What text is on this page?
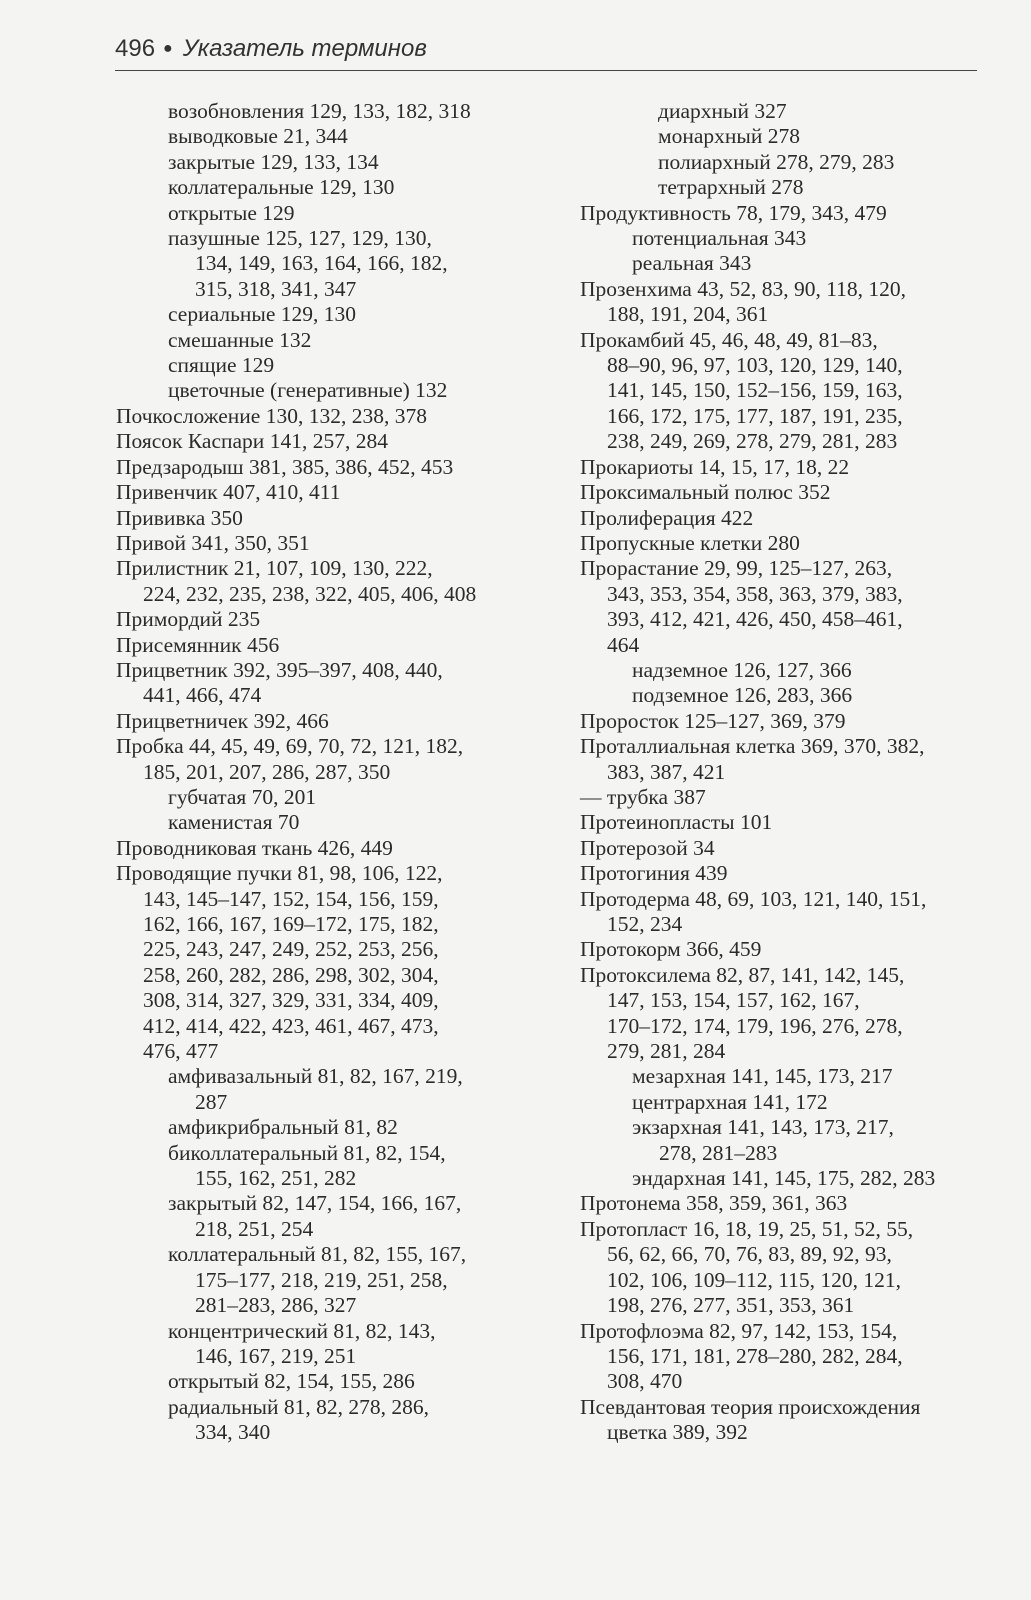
496 ● Указатель терминов

возобновления 129, 133, 182, 318

выводковые 21, 344

закрытые 129, 133, 134

коллатеральные 129, 130

открытые 129

пазушные 125, 127, 129, 130,
134, 149, 163, 164, 166, 182,
315, 318, 341, 347

сериальные 129, 130

смешанные 132

спящие 129

цветочные (генеративные) 132

Почкосложение 130, 132, 238, 378

Поясок Каспари 141, 257, 284

Предзародыш 381, 385, 386, 452, 453

Привенчик 407, 410, 411

Прививка 350

Привой 341, 350, 351

Прилистник 21, 107, 109, 130, 222,
224, 232, 235, 238, 322, 405, 406, 408

Примордий 235

Присемянник 456

Прицветник 392, 395–397, 408, 440,
441, 466, 474

Прицветничек 392, 466

Пробка 44, 45, 49, 69, 70, 72, 121, 182,
185, 201, 207, 286, 287, 350

губчатая 70, 201

каменистая 70

Проводниковая ткань 426, 449

Проводящие пучки 81, 98, 106, 122,
143, 145–147, 152, 154, 156, 159,
162, 166, 167, 169–172, 175, 182,
225, 243, 247, 249, 252, 253, 256,
258, 260, 282, 286, 298, 302, 304,
308, 314, 327, 329, 331, 334, 409,
412, 414, 422, 423, 461, 467, 473,
476, 477

амфивазальный 81, 82, 167, 219,
287

амфикрибральный 81, 82

биколлатеральный 81, 82, 154,
155, 162, 251, 282

закрытый 82, 147, 154, 166, 167,
218, 251, 254

коллатеральный 81, 82, 155, 167,
175–177, 218, 219, 251, 258,
281–283, 286, 327

концентрический 81, 82, 143,
146, 167, 219, 251

открытый 82, 154, 155, 286

радиальный 81, 82, 278, 286,
334, 340

диархный 327

монархный 278

полиархный 278, 279, 283

тетрархный 278

Продуктивность 78, 179, 343, 479

потенциальная 343

реальная 343

Прозенхима 43, 52, 83, 90, 118, 120,
188, 191, 204, 361

Прокамбий 45, 46, 48, 49, 81–83,
88–90, 96, 97, 103, 120, 129, 140,
141, 145, 150, 152–156, 159, 163,
166, 172, 175, 177, 187, 191, 235,
238, 249, 269, 278, 279, 281, 283

Прокариоты 14, 15, 17, 18, 22

Проксимальный полюс 352

Пролиферация 422

Пропускные клетки 280

Прорастание 29, 99, 125–127, 263,
343, 353, 354, 358, 363, 379, 383,
393, 412, 421, 426, 450, 458–461,
464

надземное 126, 127, 366

подземное 126, 283, 366

Проросток 125–127, 369, 379

Проталлиальная клетка 369, 370, 382,
383, 387, 421

— трубка 387

Протеинопласты 101

Протерозой 34

Протогиния 439

Протодерма 48, 69, 103, 121, 140, 151,
152, 234

Протокорм 366, 459

Протоксилема 82, 87, 141, 142, 145,
147, 153, 154, 157, 162, 167,
170–172, 174, 179, 196, 276, 278,
279, 281, 284

мезархная 141, 145, 173, 217

центрархная 141, 172

экзархная 141, 143, 173, 217,
278, 281–283

эндархная 141, 145, 175, 282, 283

Протонема 358, 359, 361, 363

Протопласт 16, 18, 19, 25, 51, 52, 55,
56, 62, 66, 70, 76, 83, 89, 92, 93,
102, 106, 109–112, 115, 120, 121,
198, 276, 277, 351, 353, 361

Протофлоэма 82, 97, 142, 153, 154,
156, 171, 181, 278–280, 282, 284,
308, 470

Псевдантовая теория происхождения
цветка 389, 392
